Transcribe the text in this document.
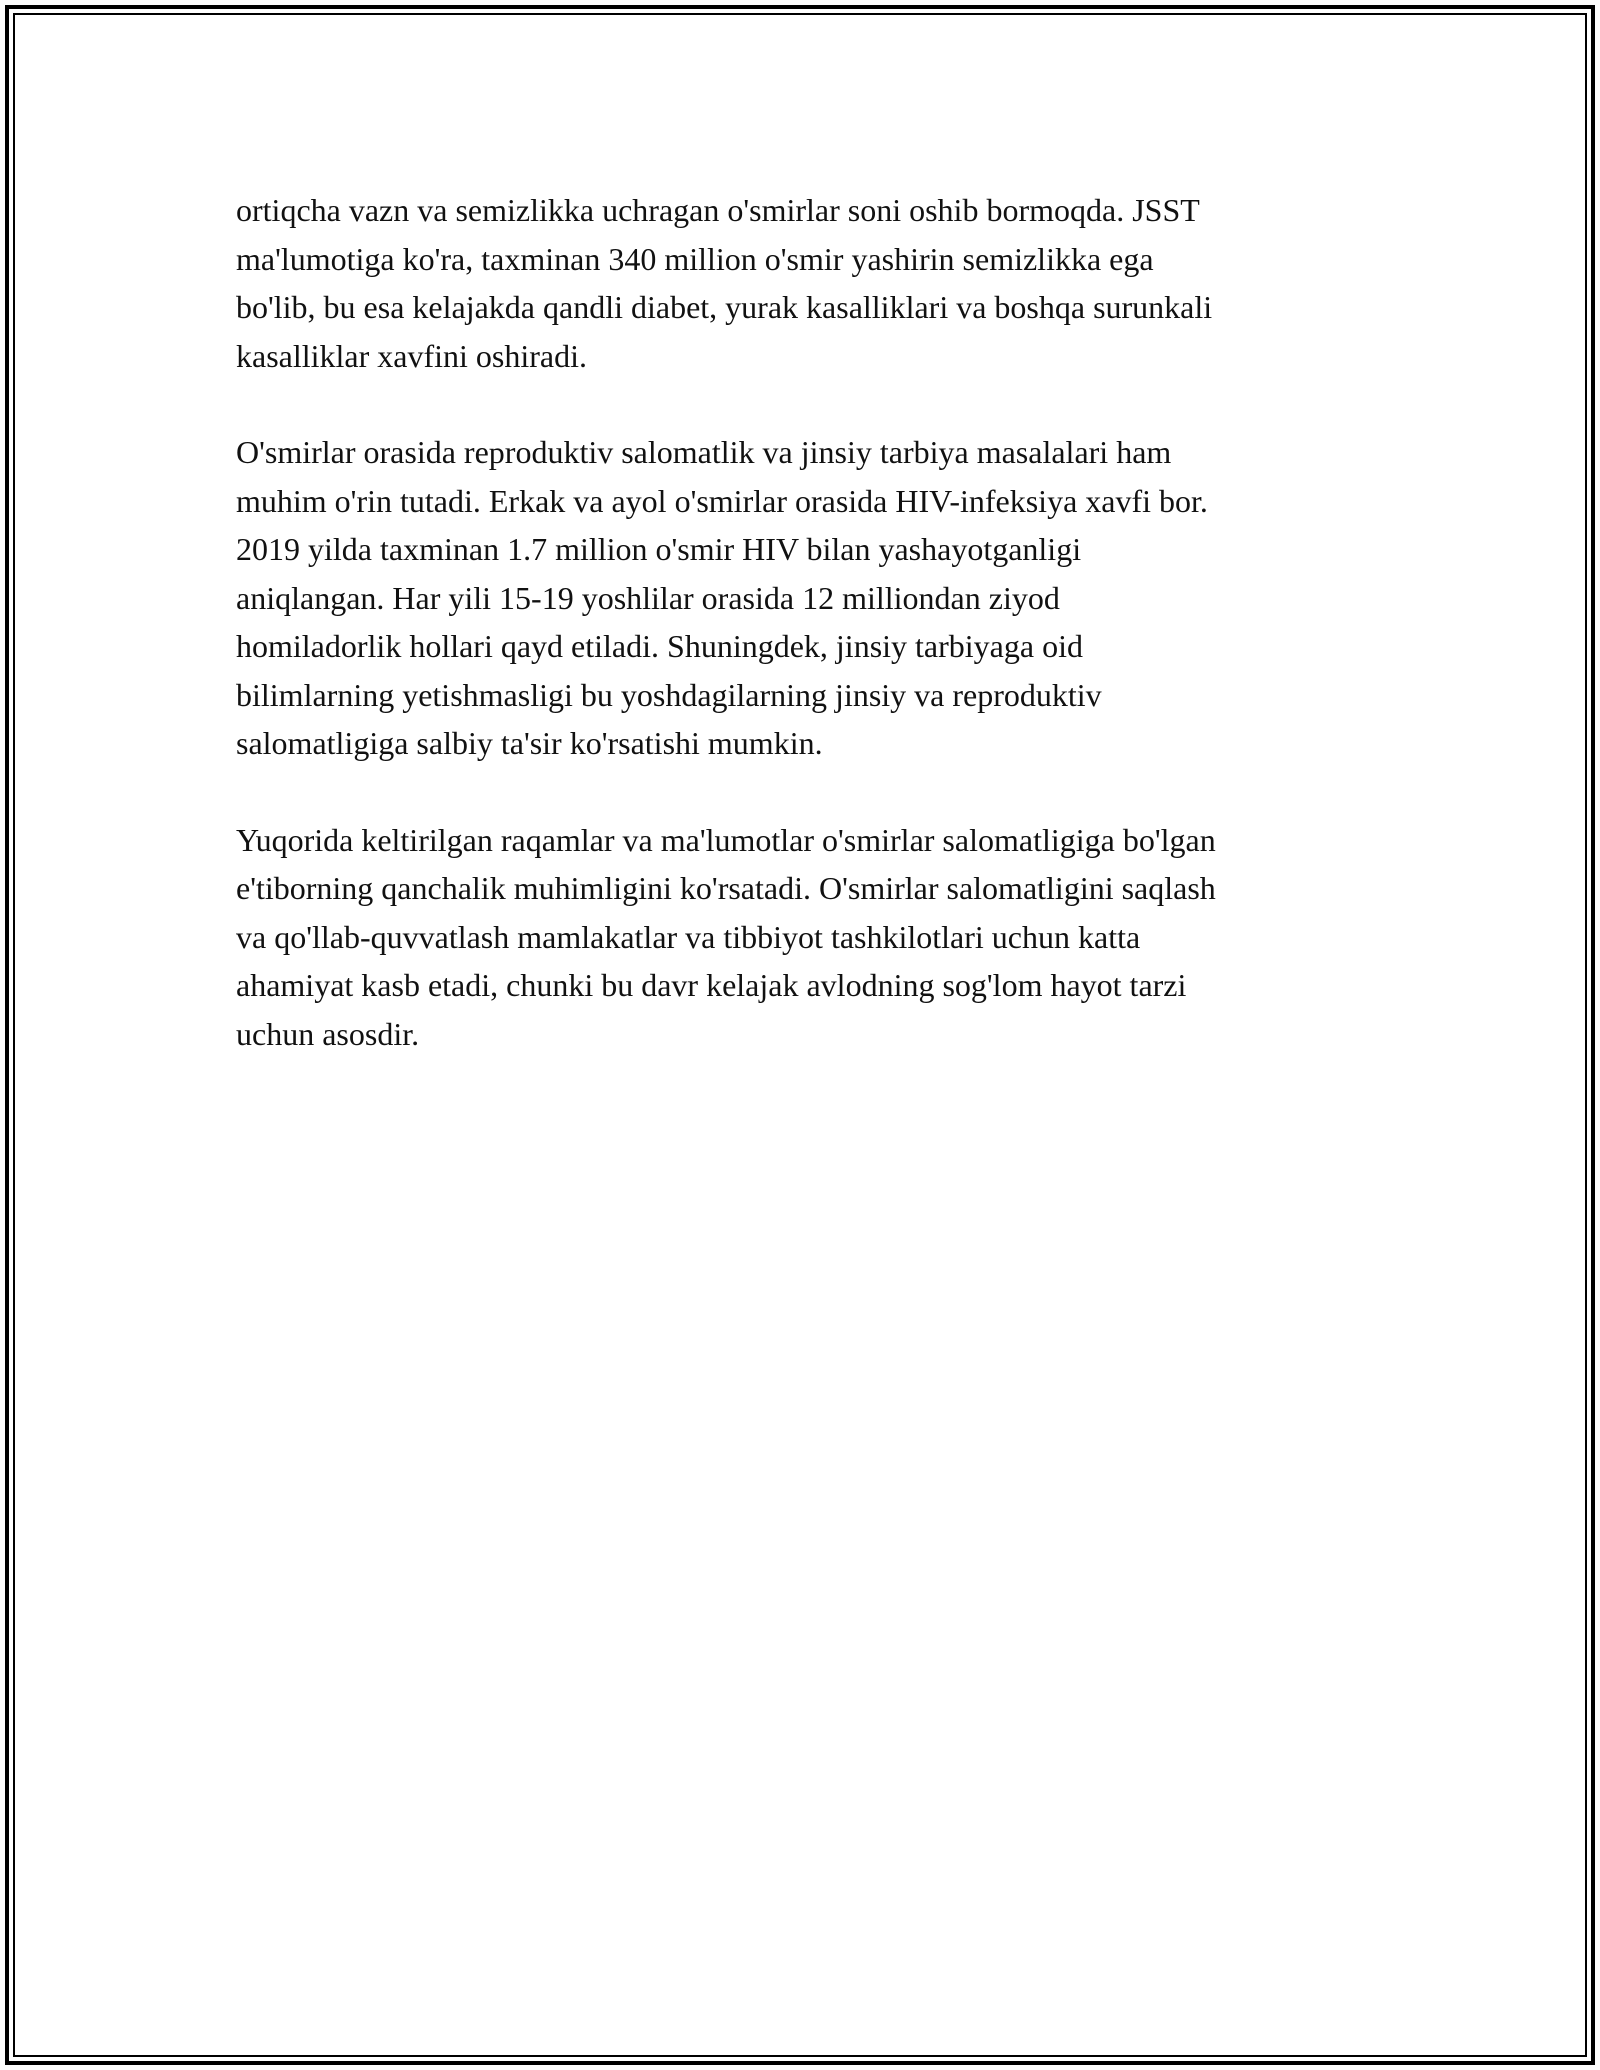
ortiqcha vazn va semizlikka uchragan o'smirlar soni oshib bormoqda. JSST
ma'lumotiga ko'ra, taxminan 340 million o'smir yashirin semizlikka ega
bo'lib, bu esa kelajakda qandli diabet, yurak kasalliklari va boshqa surunkali
kasalliklar xavfini oshiradi.

O'smirlar orasida reproduktiv salomatlik va jinsiy tarbiya masalalari ham
muhim o'rin tutadi. Erkak va ayol o'smirlar orasida HIV-infeksiya xavfi bor.
2019 yilda taxminan 1.7 million o'smir HIV bilan yashayotganligi
aniqlangan. Har yili 15-19 yoshlilar orasida 12 milliondan ziyod
homiladorlik hollari qayd etiladi. Shuningdek, jinsiy tarbiyaga oid
bilimlarning yetishmasligi bu yoshdagilarning jinsiy va reproduktiv
salomatligiga salbiy ta'sir ko'rsatishi mumkin.

Yuqorida keltirilgan raqamlar va ma'lumotlar o'smirlar salomatligiga bo'lgan
e'tiborning qanchalik muhimligini ko'rsatadi. O'smirlar salomatligini saqlash
va qo'llab-quvvatlash mamlakatlar va tibbiyot tashkilotlari uchun katta
ahamiyat kasb etadi, chunki bu davr kelajak avlodning sog'lom hayot tarzi
uchun asosdir.
